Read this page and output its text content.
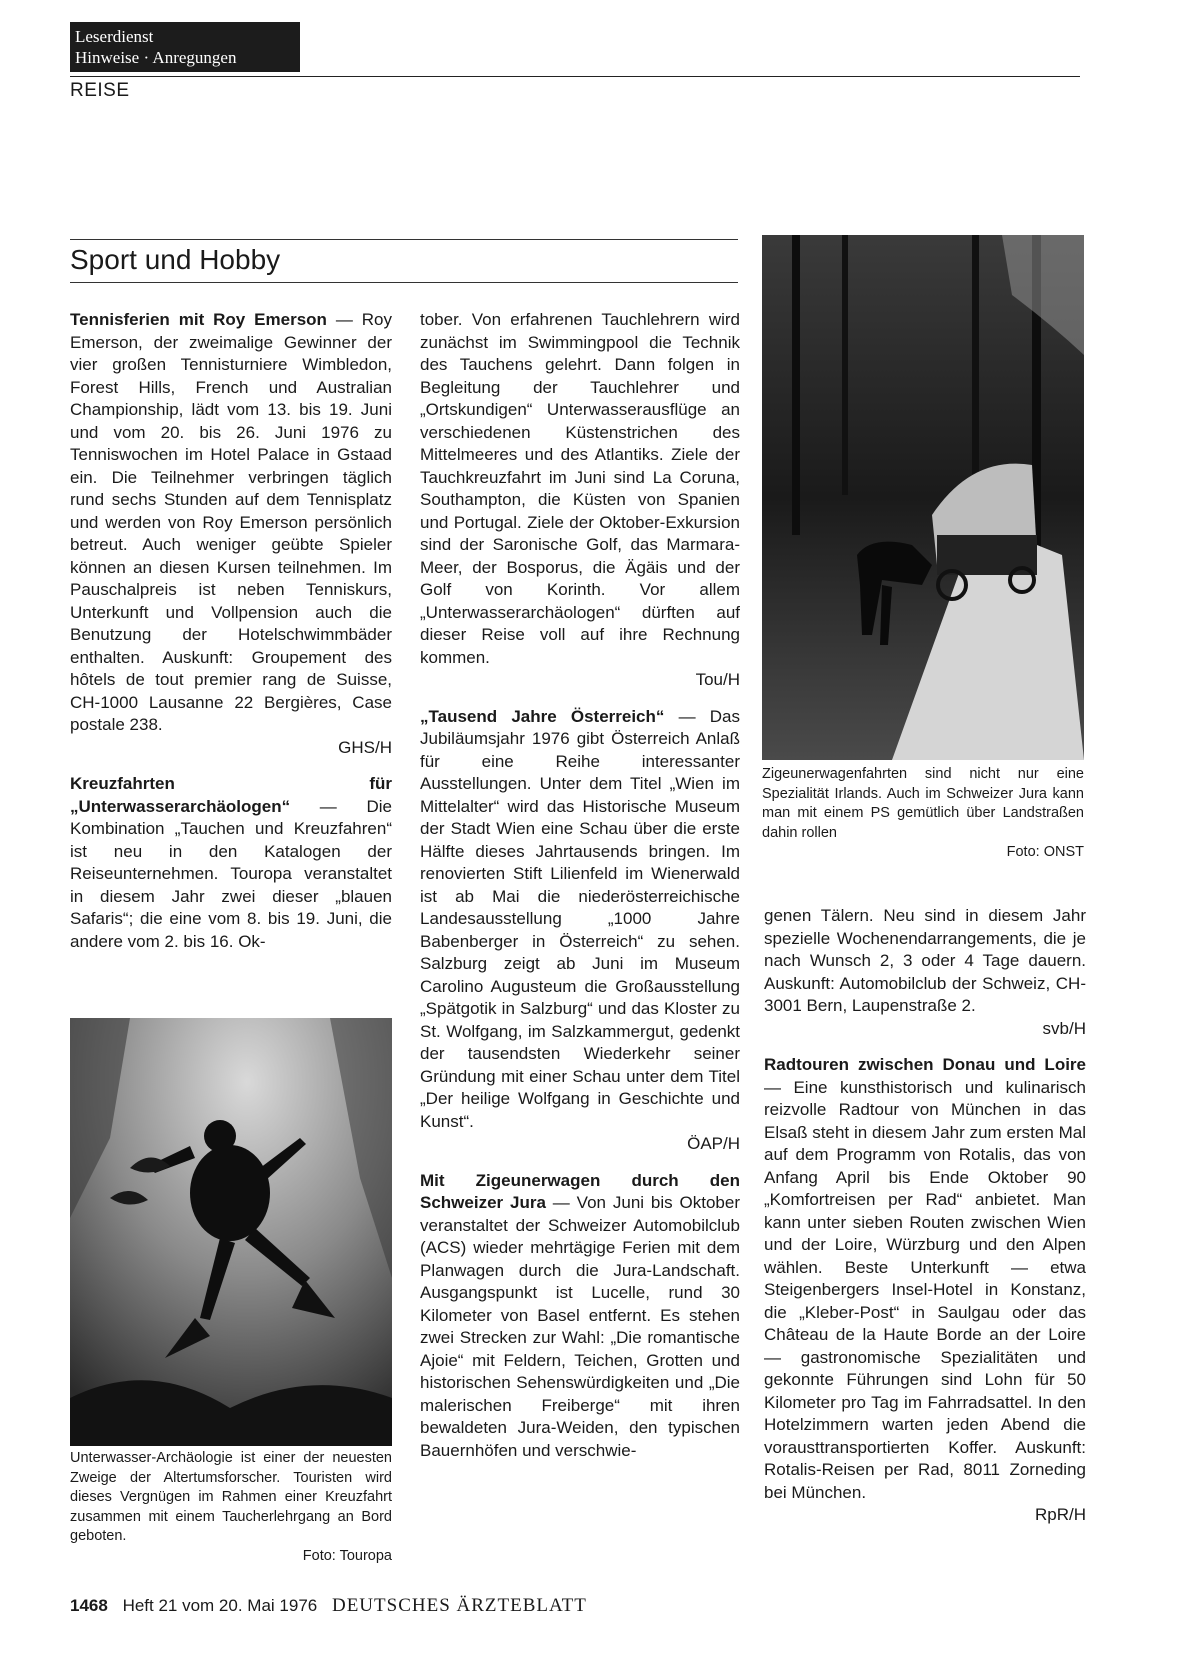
Leserdienst
Hinweise · Anregungen
REISE
Sport und Hobby

Tennisferien mit Roy Emerson — Roy Emerson, der zweimalige Gewinner der vier großen Tennisturniere Wimbledon, Forest Hills, French und Australian Championship, lädt vom 13. bis 19. Juni und vom 20. bis 26. Juni 1976 zu Tenniswochen im Hotel Palace in Gstaad ein. Die Teilnehmer verbringen täglich rund sechs Stunden auf dem Tennisplatz und werden von Roy Emerson persönlich betreut. Auch weniger geübte Spieler können an diesen Kursen teilnehmen. Im Pauschalpreis ist neben Tenniskurs, Unterkunft und Vollpension auch die Benutzung der Hotelschwimmbäder enthalten. Auskunft: Groupement des hôtels de tout premier rang de Suisse, CH-1000 Lausanne 22 Bergières, Case postale 238.
GHS/H

Kreuzfahrten für „Unterwasserarchäologen“ — Die Kombination „Tauchen und Kreuzfahren“ ist neu in den Katalogen der Reiseunternehmen. Touropa veranstaltet in diesem Jahr zwei dieser „blauen Safaris“; die eine vom 8. bis 19. Juni, die andere vom 2. bis 16. Ok-

Unterwasser-Archäologie ist einer der neuesten Zweige der Altertumsforscher. Touristen wird dieses Vergnügen im Rahmen einer Kreuzfahrt zusammen mit einem Taucherlehrgang an Bord geboten.
Foto: Touropa

tober. Von erfahrenen Tauchlehrern wird zunächst im Swimmingpool die Technik des Tauchens gelehrt. Dann folgen in Begleitung der Tauchlehrer und „Ortskundigen“ Unterwasserausflüge an verschiedenen Küstenstrichen des Mittelmeeres und des Atlantiks. Ziele der Tauchkreuzfahrt im Juni sind La Coruna, Southampton, die Küsten von Spanien und Portugal. Ziele der Oktober-Exkursion sind der Saronische Golf, das Marmara-Meer, der Bosporus, die Ägäis und der Golf von Korinth. Vor allem „Unterwasserarchäologen“ dürften auf dieser Reise voll auf ihre Rechnung kommen.
Tou/H

„Tausend Jahre Österreich“ — Das Jubiläumsjahr 1976 gibt Österreich Anlaß für eine Reihe interessanter Ausstellungen. Unter dem Titel „Wien im Mittelalter“ wird das Historische Museum der Stadt Wien eine Schau über die erste Hälfte dieses Jahrtausends bringen. Im renovierten Stift Lilienfeld im Wienerwald ist ab Mai die niederösterreichische Landesausstellung „1000 Jahre Babenberger in Österreich“ zu sehen. Salzburg zeigt ab Juni im Museum Carolino Augusteum die Großausstellung „Spätgotik in Salzburg“ und das Kloster zu St. Wolfgang, im Salzkammergut, gedenkt der tausendsten Wiederkehr seiner Gründung mit einer Schau unter dem Titel „Der heilige Wolfgang in Geschichte und Kunst“.
ÖAP/H

Mit Zigeunerwagen durch den Schweizer Jura — Von Juni bis Oktober veranstaltet der Schweizer Automobilclub (ACS) wieder mehrtägige Ferien mit dem Planwagen durch die Jura-Landschaft. Ausgangspunkt ist Lucelle, rund 30 Kilometer von Basel entfernt. Es stehen zwei Strecken zur Wahl: „Die romantische Ajoie“ mit Feldern, Teichen, Grotten und historischen Sehenswürdigkeiten und „Die malerischen Freiberge“ mit ihren bewaldeten Jura-Weiden, den typischen Bauernhöfen und verschwie-

Zigeunerwagenfahrten sind nicht nur eine Spezialität Irlands. Auch im Schweizer Jura kann man mit einem PS gemütlich über Landstraßen dahin rollen
Foto: ONST

genen Tälern. Neu sind in diesem Jahr spezielle Wochenendarrangements, die je nach Wunsch 2, 3 oder 4 Tage dauern. Auskunft: Automobilclub der Schweiz, CH-3001 Bern, Laupenstraße 2.
svb/H

Radtouren zwischen Donau und Loire — Eine kunsthistorisch und kulinarisch reizvolle Radtour von München in das Elsaß steht in diesem Jahr zum ersten Mal auf dem Programm von Rotalis, das von Anfang April bis Ende Oktober 90 „Komfortreisen per Rad“ anbietet. Man kann unter sieben Routen zwischen Wien und der Loire, Würzburg und den Alpen wählen. Beste Unterkunft — etwa Steigenbergers Insel-Hotel in Konstanz, die „Kleber-Post“ in Saulgau oder das Château de la Haute Borde an der Loire — gastronomische Spezialitäten und gekonnte Führungen sind Lohn für 50 Kilometer pro Tag im Fahrradsattel. In den Hotelzimmern warten jeden Abend die vorausttransportierten Koffer. Auskunft: Rotalis-Reisen per Rad, 8011 Zorneding bei München.
RpR/H

1468 Heft 21 vom 20. Mai 1976 DEUTSCHES ÄRZTEBLATT
